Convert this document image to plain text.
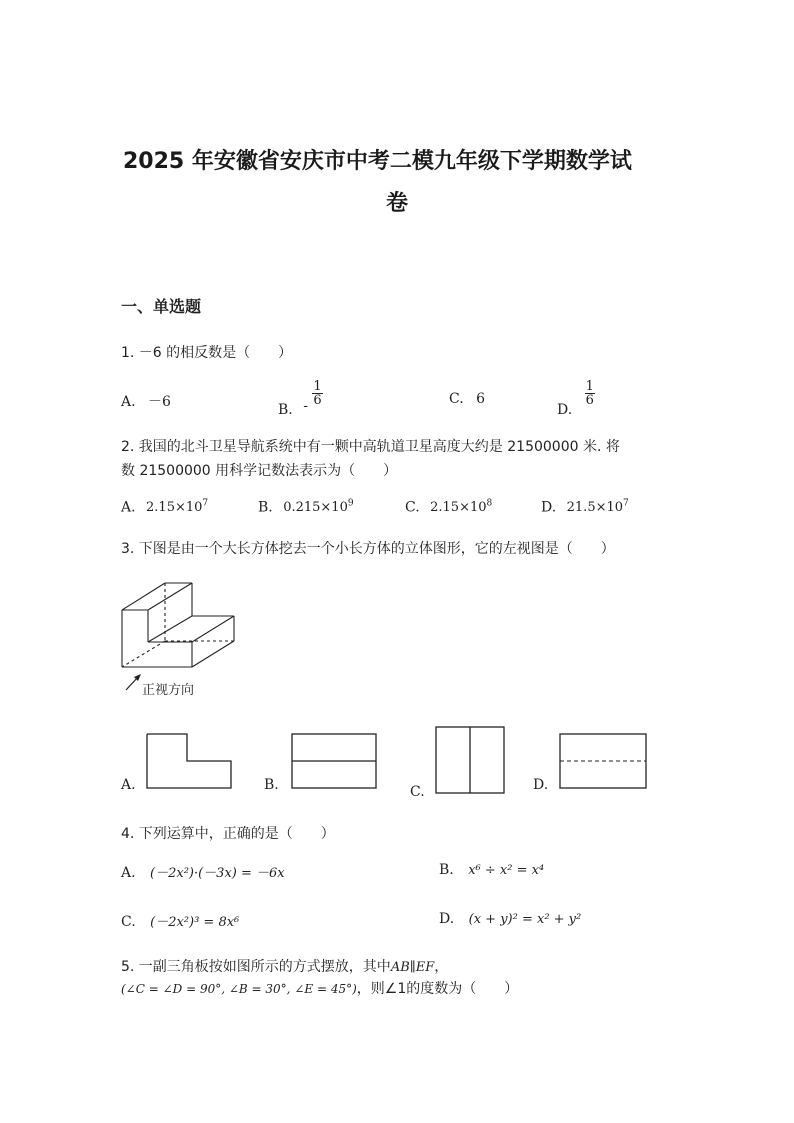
2025 年安徽省安庆市中考二模九年级下学期数学试
卷
一、单选题
1. －6 的相反数是（　　）
A. －6	B. - $\frac{1}{6}$	C. 6
D.
$\frac{1}{6}$
2. 我国的北斗卫星导航系统中有一颗中高轨道卫星高度大约是 21500000 米. 将
数 21500000 用科学记数法表示为（　　）
A. $2.15\times 10^7$	B. $0.215\times 10^9$	C. $2.15\times 10^8$	D. $21.5\times 10^7$
3. 下图是由一个大长方体挖去一个小长方体的立体图形，它的左视图是（　　）
正视方向
A.	B.	C.	D.
4. 下列运算中，正确的是（　　）
A. (－2x²)·(－3x) = －6x	B. x⁶ ÷ x² = x⁴
C. (－2x²)³ = 8x⁶	D. (x + y)² = x² + y²
5. 一副三角板按如图所示的方式摆放，其中AB∥EF，
(∠C = ∠D = 90°, ∠B = 30°, ∠E = 45°)，则∠1的度数为（　　）
